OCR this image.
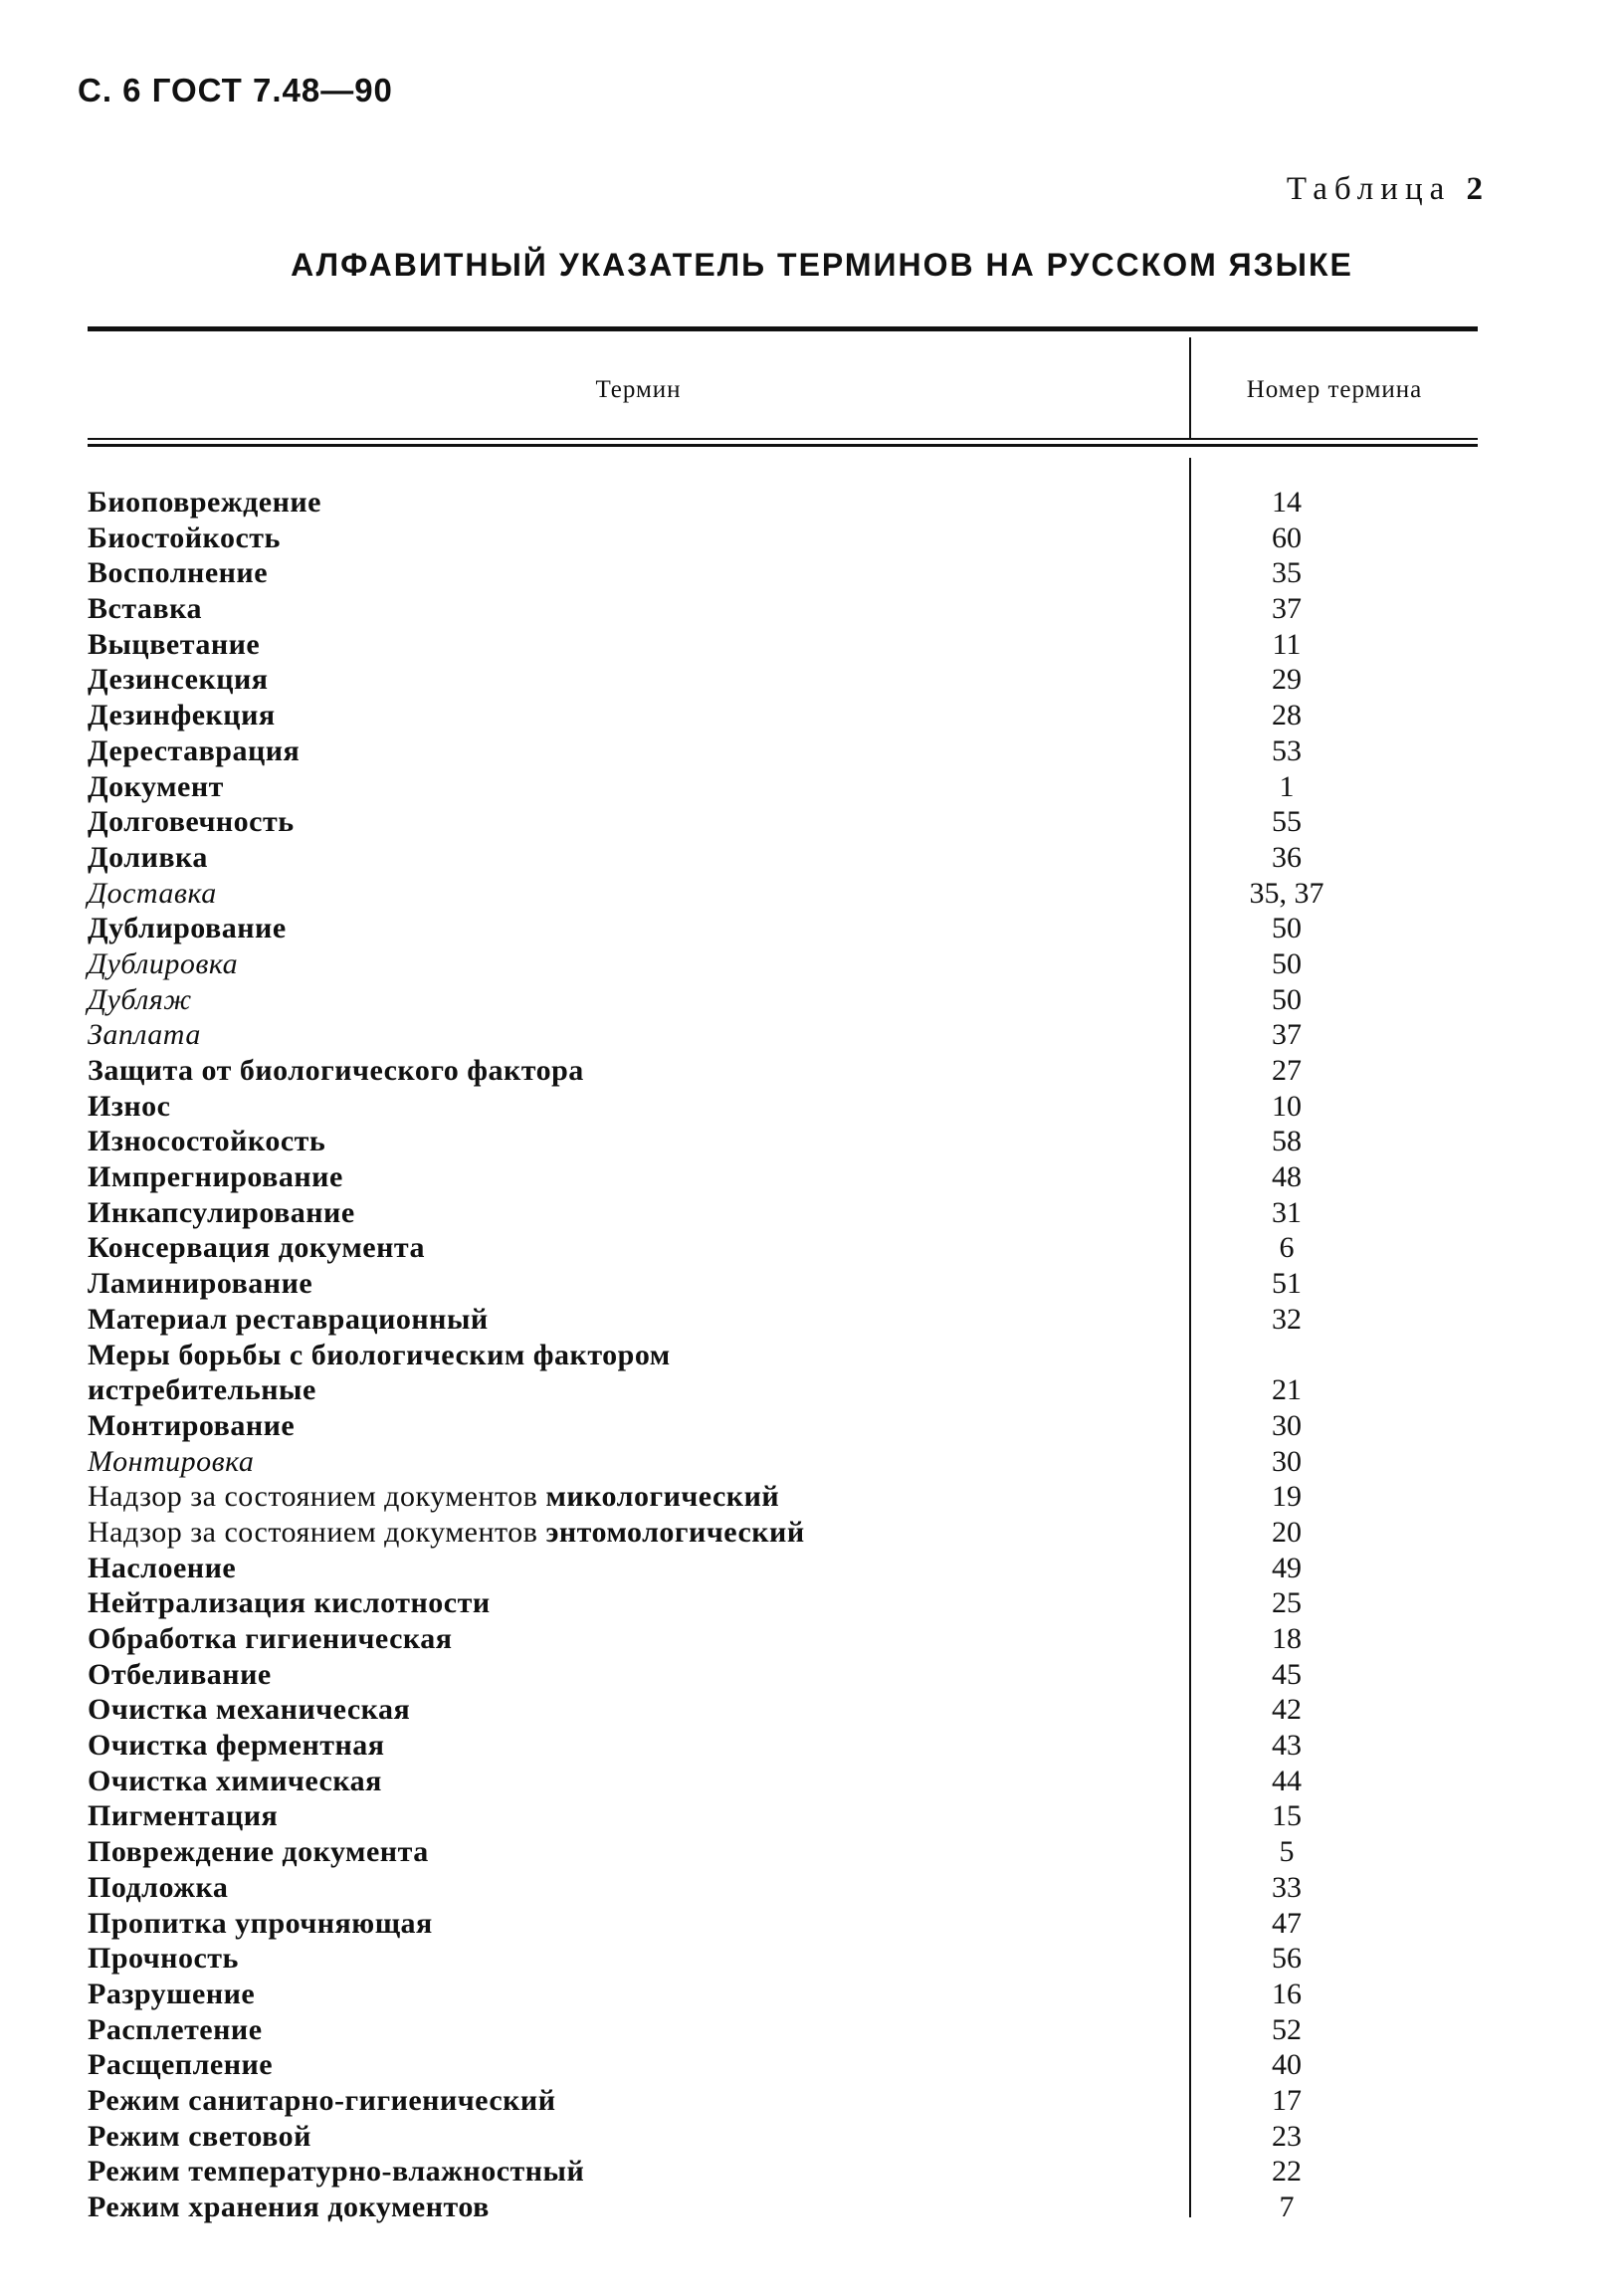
С. 6 ГОСТ 7.48—90
Таблица 2
АЛФАВИТНЫЙ УКАЗАТЕЛЬ ТЕРМИНОВ НА РУССКОМ ЯЗЫКЕ
Термин	Номер термина
Биоповреждение	14
Биостойкость	60
Восполнение	35
Вставка	37
Выцветание	11
Дезинсекция	29
Дезинфекция	28
Дереставрация	53
Документ	1
Долговечность	55
Доливка	36
Доставка	35, 37
Дублирование	50
Дублировка	50
Дубляж	50
Заплата	37
Защита от биологического фактора	27
Износ	10
Износостойкость	58
Импрегнирование	48
Инкапсулирование	31
Консервация документа	6
Ламинирование	51
Материал реставрационный	32
Меры борьбы с биологическим фактором
истребительные	21
Монтирование	30
Монтировка	30
Надзор за состоянием документов микологический	19
Надзор за состоянием документов энтомологический	20
Наслоение	49
Нейтрализация кислотности	25
Обработка гигиеническая	18
Отбеливание	45
Очистка механическая	42
Очистка ферментная	43
Очистка химическая	44
Пигментация	15
Повреждение документа	5
Подложка	33
Пропитка упрочняющая	47
Прочность	56
Разрушение	16
Расплетение	52
Расщепление	40
Режим санитарно-гигиенический	17
Режим световой	23
Режим температурно-влажностный	22
Режим хранения документов	7
